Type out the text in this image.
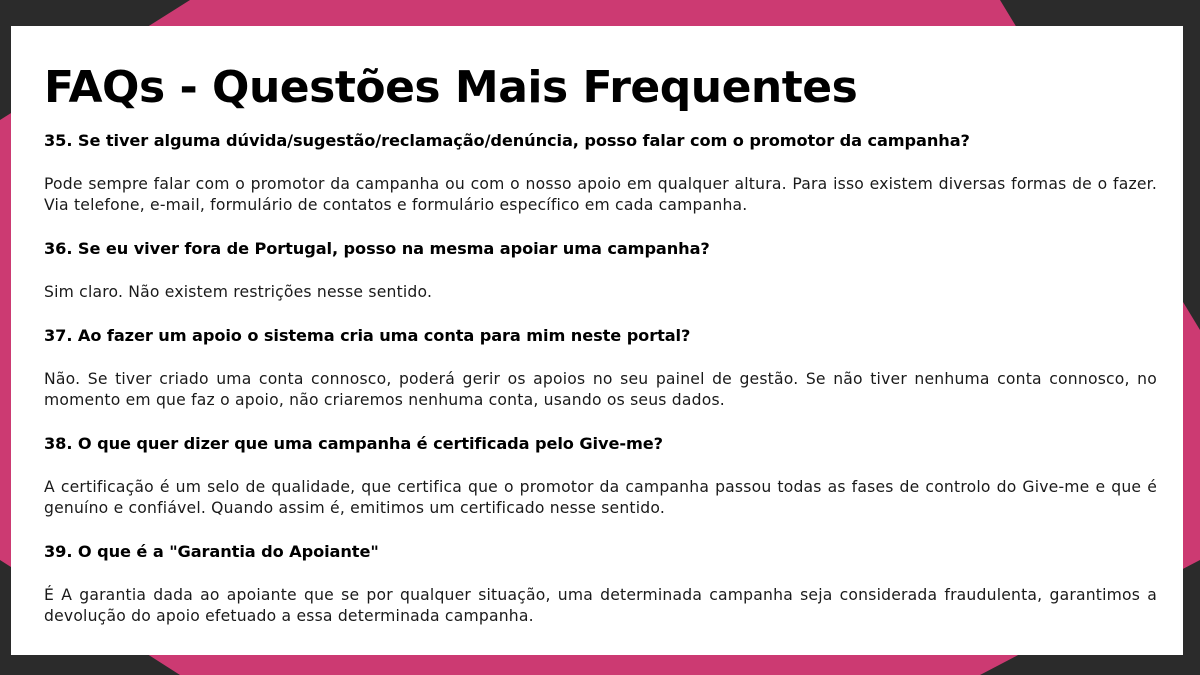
FAQs - Questões Mais Frequentes

35. Se tiver alguma dúvida/sugestão/reclamação/denúncia, posso falar com o promotor da campanha?

Pode sempre falar com o promotor da campanha ou com o nosso apoio em qualquer altura. Para isso existem diversas formas de o fazer. Via telefone, e-mail, formulário de contatos e formulário específico em cada campanha.

36. Se eu viver fora de Portugal, posso na mesma apoiar uma campanha?

Sim claro. Não existem restrições nesse sentido.

37. Ao fazer um apoio o sistema cria uma conta para mim neste portal?

Não. Se tiver criado uma conta connosco, poderá gerir os apoios no seu painel de gestão. Se não tiver nenhuma conta connosco, no momento em que faz o apoio, não criaremos nenhuma conta, usando os seus dados.

38. O que quer dizer que uma campanha é certificada pelo Give-me?

A certificação é um selo de qualidade, que certifica que o promotor da campanha passou todas as fases de controlo do Give-me e que é genuíno e confiável. Quando assim é, emitimos um certificado nesse sentido.

39. O que é a "Garantia do Apoiante"

É A garantia dada ao apoiante que se por qualquer situação, uma determinada campanha seja considerada fraudulenta, garantimos a devolução do apoio efetuado a essa determinada campanha.
